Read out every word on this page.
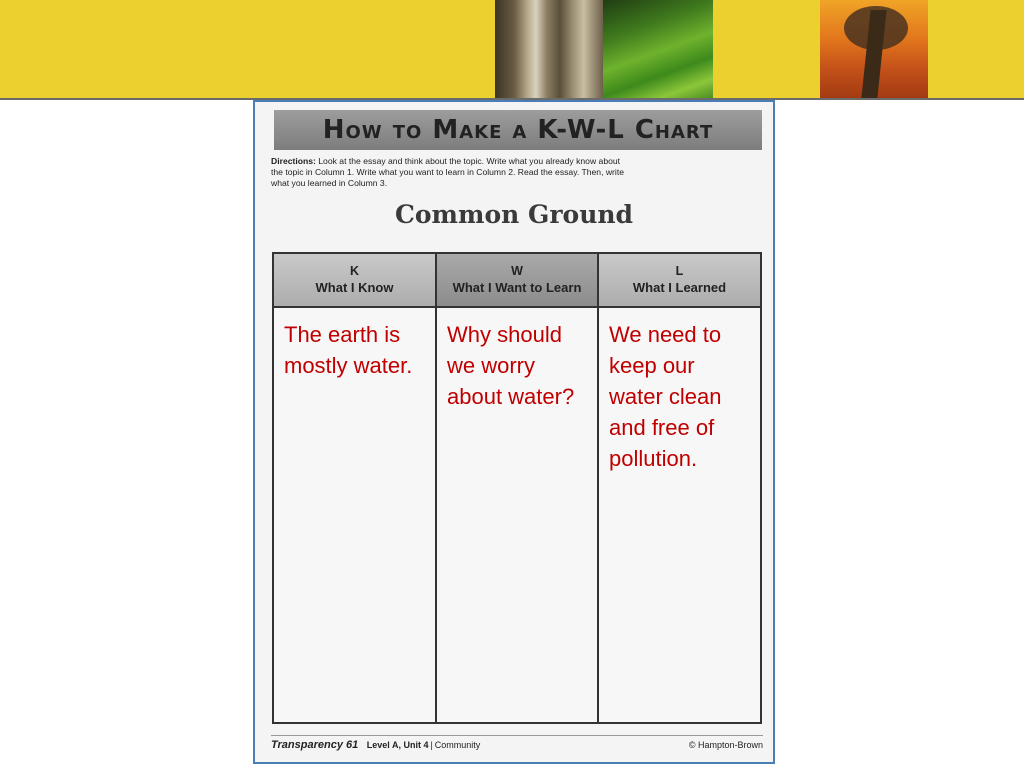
How to Make a K-W-L Chart
Directions: Look at the essay and think about the topic. Write what you already know about the topic in Column 1. Write what you want to learn in Column 2. Read the essay. Then, write what you learned in Column 3.
Common Ground
K
What I Know
The earth is mostly water.
W
What I Want to Learn
Why should we worry about water?
L
What I Learned
We need to keep our water clean and free of pollution.
Transparency 61 Level A, Unit 4 | Community	© Hampton-Brown
